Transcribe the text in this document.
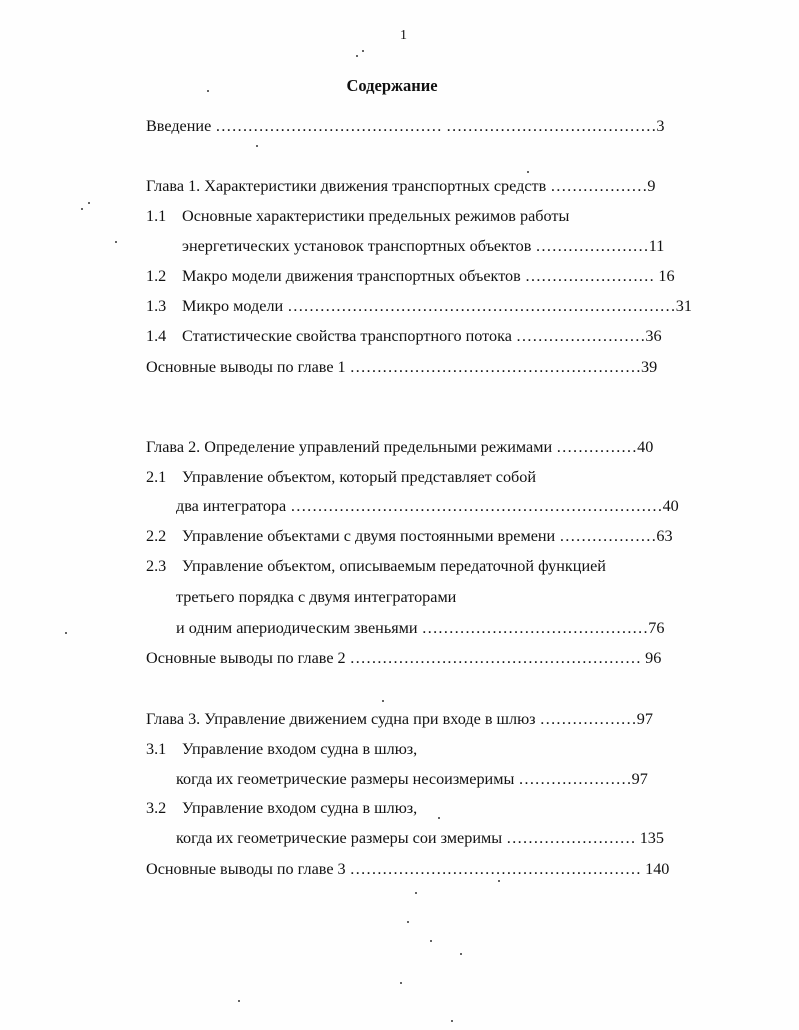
1
Содержание
Введение …………………………………… …………………………………3
Глава 1. Характеристики движения транспортных средств ………………9
1.1 Основные характеристики предельных режимов работы
энергетических установок транспортных объектов …………………11
1.2 Макро модели движения транспортных объектов …………………… 16
1.3 Микро модели ………………………………………………………………31
1.4 Статистические свойства транспортного потока ……………………36
Основные выводы по главе 1 ………………………………………………39
Глава 2. Определение управлений предельными режимами ……………40
2.1 Управление объектом, который представляет собой
два интегратора ……………………………………………………………40
2.2 Управление объектами с двумя постоянными времени ………………63
2.3 Управление объектом, описываемым передаточной функцией
третьего порядка с двумя интеграторами
и одним апериодическим звеньями ……………………………………76
Основные выводы по главе 2 ……………………………………………… 96
Глава 3. Управление движением судна при входе в шлюз ………………97
3.1 Управление входом судна в шлюз,
когда их геометрические размеры несоизмеримы …………………97
3.2 Управление входом судна в шлюз,
когда их геометрические размеры сои змеримы …………………… 135
Основные выводы по главе 3 ……………………………………………… 140
